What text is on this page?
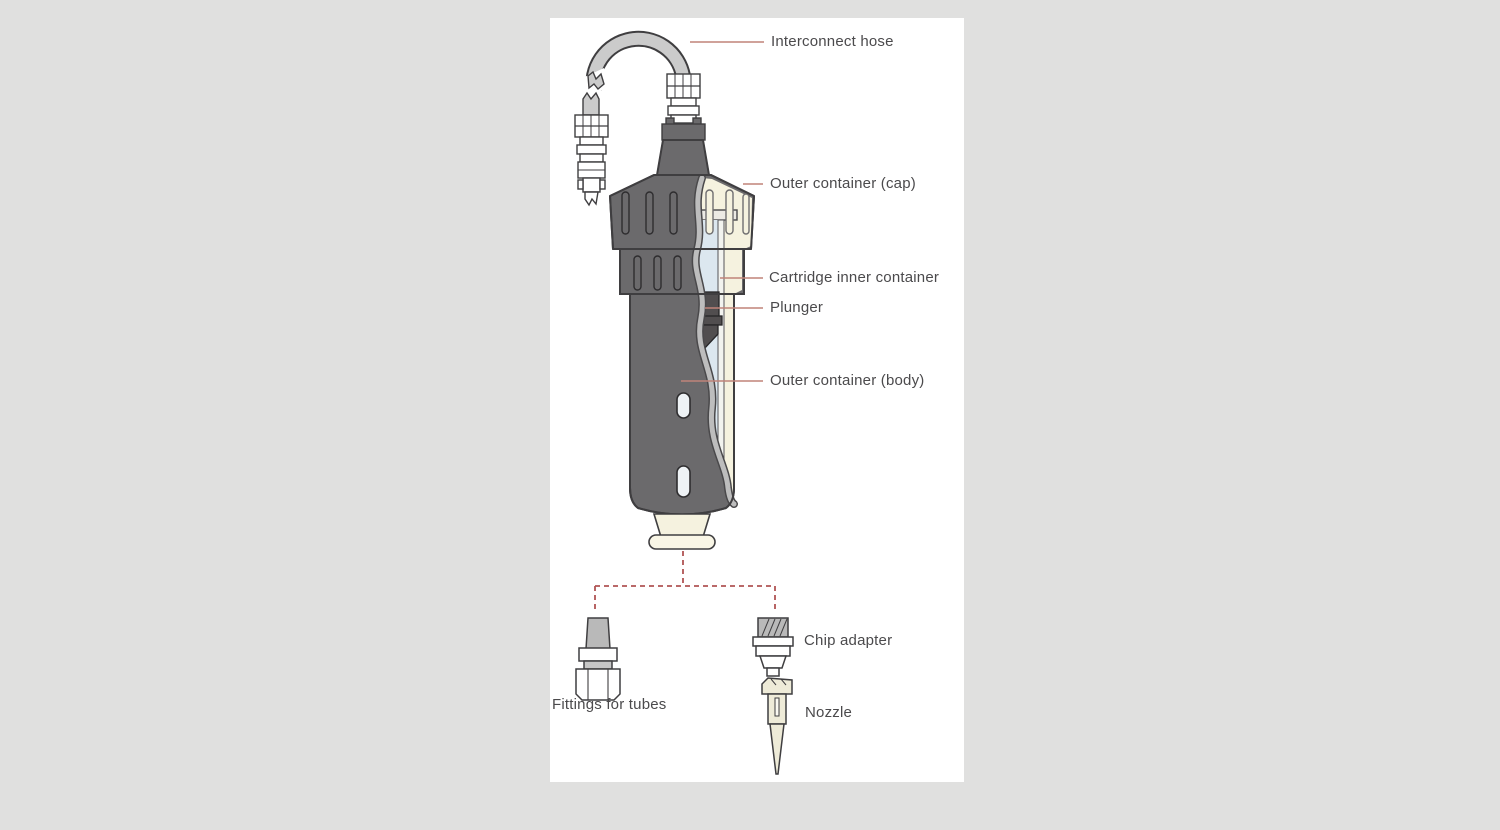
Interconnect hose
Outer container (cap)
Cartridge inner container
Plunger
Outer container (body)
Fittings for tubes
Chip adapter
Nozzle
